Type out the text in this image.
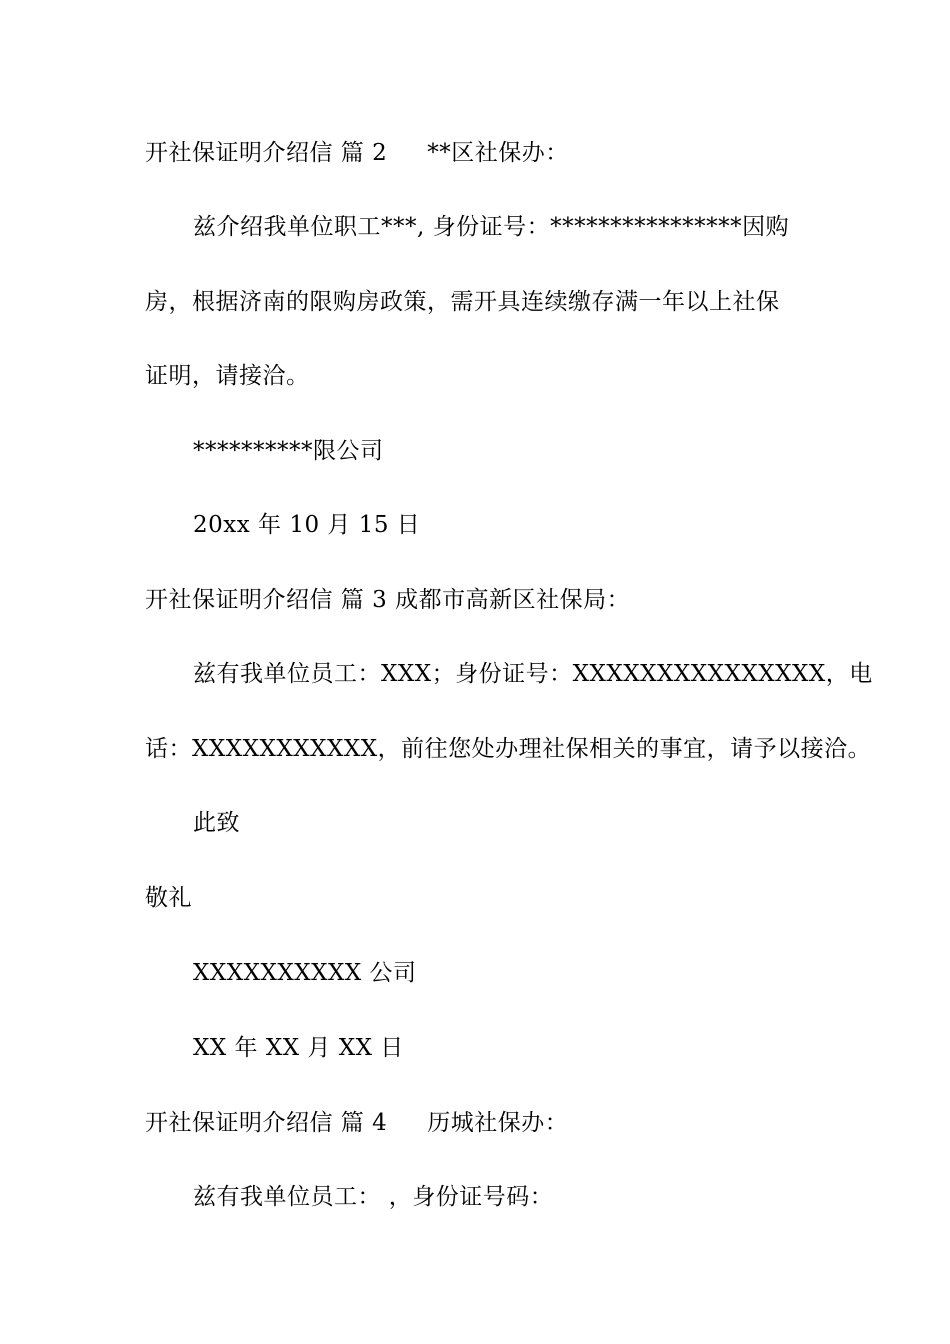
开社保证明介绍信 篇 2 **区社保办：
兹介绍我单位职工***, 身份证号：****************因购
房，根据济南的限购房政策，需开具连续缴存满一年以上社保
证明，请接洽。
**********限公司
20xx 年 10 月 15 日
开社保证明介绍信 篇 3 成都市高新区社保局：
兹有我单位员工：XXX；身份证号：XXXXXXXXXXXXXXX，电
话：XXXXXXXXXXX，前往您处办理社保相关的事宜，请予以接洽。
此致
敬礼
XXXXXXXXXX 公司
XX 年 XX 月 XX 日
开社保证明介绍信 篇 4 历城社保办：
兹有我单位员工： ，身份证号码：
